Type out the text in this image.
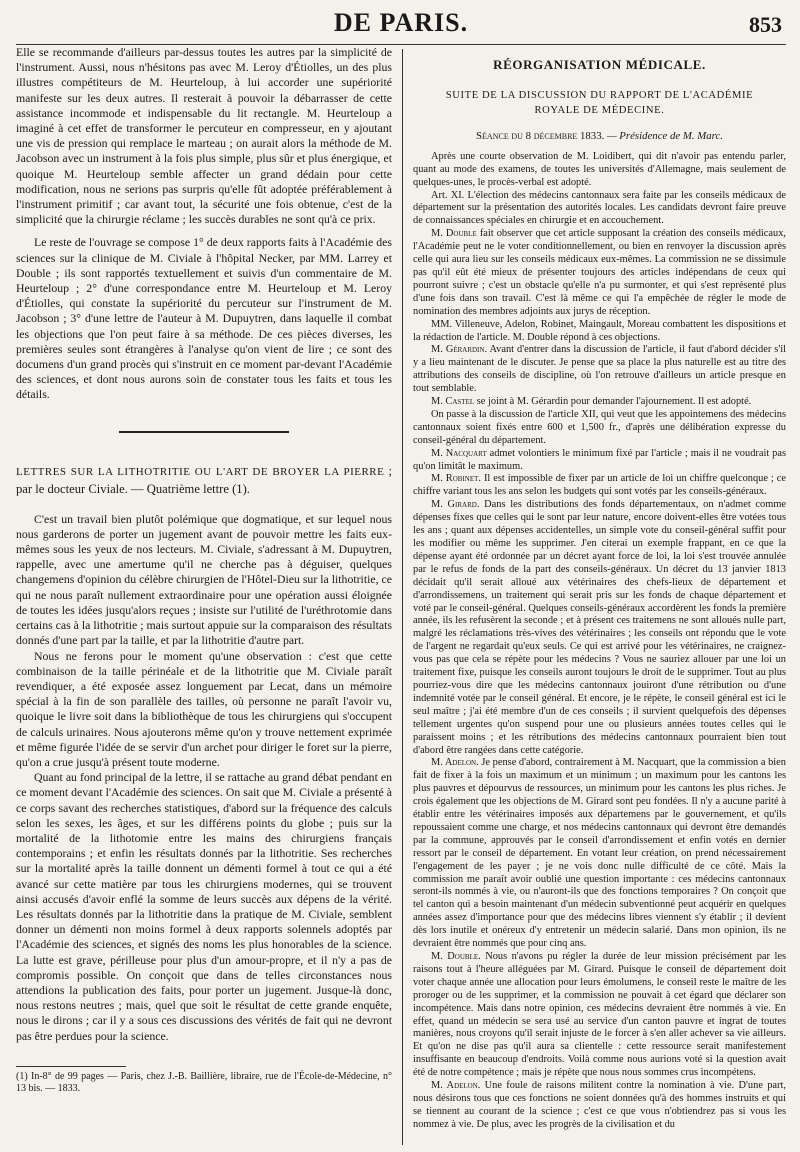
DE PARIS.	853

Elle se recommande d'ailleurs par-dessus toutes les autres par la simplicité de l'instrument. Aussi, nous n'hésitons pas avec M. Leroy d'Étiolles, un des plus illustres compétiteurs de M. Heurteloup, à lui accorder une supériorité manifeste sur les deux autres. Il resterait à pouvoir la débarrasser de cette assistance incommode et indispensable du lit rectangle. M. Heurteloup a imaginé à cet effet de transformer le percuteur en compresseur, en y ajoutant une vis de pression qui remplace le marteau ; on aurait alors la méthode de M. Jacobson avec un instrument à la fois plus simple, plus sûr et plus énergique, et quoique M. Heurteloup semble affecter un grand dédain pour cette modification, nous ne serions pas surpris qu'elle fût adoptée préférablement à l'instrument primitif ; car avant tout, la sécurité une fois obtenue, c'est de la simplicité que la chirurgie réclame ; les succès durables ne sont qu'à ce prix.

Le reste de l'ouvrage se compose 1° de deux rapports faits à l'Académie des sciences sur la clinique de M. Civiale à l'hôpital Necker, par MM. Larrey et Double ; ils sont rapportés textuellement et suivis d'un commentaire de M. Heurteloup ; 2° d'une correspondance entre M. Heurteloup et M. Leroy d'Étiolles, qui constate la supériorité du percuteur sur l'instrument de M. Jacobson ; 3° d'une lettre de l'auteur à M. Dupuytren, dans laquelle il combat les objections que l'on peut faire à sa méthode. De ces pièces diverses, les premières seules sont étrangères à l'analyse qu'on vient de lire ; ce sont des documens d'un grand procès qui s'instruit en ce moment par-devant l'Académie des sciences, et dont nous aurons soin de constater tous les faits et tous les détails.

LETTRES SUR LA LITHOTRITIE OU L'ART DE BROYER LA PIERRE ; par le docteur Civiale. — Quatrième lettre (1).

C'est un travail bien plutôt polémique que dogmatique, et sur lequel nous nous garderons de porter un jugement avant de pouvoir mettre les faits eux-mêmes sous les yeux de nos lecteurs. M. Civiale, s'adressant à M. Dupuytren, rappelle, avec une amertume qu'il ne cherche pas à déguiser, quelques changemens d'opinion du célèbre chirurgien de l'Hôtel-Dieu sur la lithotritie, ce qui ne nous paraît nullement extraordinaire pour une opération aussi éloignée de toutes les idées jusqu'alors reçues ; insiste sur l'utilité de l'uréthrotomie dans certains cas à la lithotritie ; mais surtout appuie sur la comparaison des résultats donnés d'une part par la taille, et par la lithotritie d'autre part.

Nous ne ferons pour le moment qu'une observation : c'est que cette combinaison de la taille périnéale et de la lithotritie que M. Civiale paraît revendiquer, a été exposée assez longuement par Lecat, dans un mémoire spécial à la fin de son parallèle des tailles, où personne ne paraît l'avoir vu, quoique le livre soit dans la bibliothèque de tous les chirurgiens qui s'occupent de calculs urinaires. Nous ajouterons même qu'on y trouve nettement exprimée et même figurée l'idée de se servir d'un archet pour diriger le foret sur la pierre, qu'on a crue jusqu'à présent toute moderne.

Quant au fond principal de la lettre, il se rattache au grand débat pendant en ce moment devant l'Académie des sciences. On sait que M. Civiale a présenté à ce corps savant des recherches statistiques, d'abord sur la fréquence des calculs selon les sexes, les âges, et sur les différens points du globe ; puis sur la mortalité de la lithotomie entre les mains des chirurgiens français contemporains ; et enfin les résultats donnés par la lithotritie. Ses recherches sur la mortalité après la taille donnent un démenti formel à tout ce qui a été avancé sur cette matière par tous les chirurgiens modernes, qui se trouvent ainsi accusés d'avoir enflé la somme de leurs succès aux dépens de la vérité. Les résultats donnés par la lithotritie dans la pratique de M. Civiale, semblent donner un démenti non moins formel à deux rapports solennels adoptés par l'Académie des sciences, et signés des noms les plus honorables de la science. La lutte est grave, périlleuse pour plus d'un amour-propre, et il n'y a pas de compromis possible. On conçoit que dans de telles circonstances nous attendions la publication des faits, pour porter un jugement. Jusque-là donc, nous restons neutres ; mais, quel que soit le résultat de cette grande enquête, nous le dirons ; car il y a sous ces discussions des vérités de fait qui ne devront pas être perdues pour la science.

(1) In-8° de 99 pages — Paris, chez J.-B. Baillière, libraire, rue de l'École-de-Médecine, n° 13 bis. — 1833.

RÉORGANISATION MÉDICALE.
SUITE DE LA DISCUSSION DU RAPPORT DE L'ACADÉMIE
ROYALE DE MÉDECINE.
Séance du 8 décembre 1833. — Présidence de M. Marc.

Après une courte observation de M. Loidibert, qui dit n'avoir pas entendu parler, quant au mode des examens, de toutes les universités d'Allemagne, mais seulement de quelques-unes, le procès-verbal est adopté.

Art. XI. L'élection des médecins cantonnaux sera faite par les conseils médicaux de département sur la présentation des autorités locales. Les candidats devront faire preuve de connaissances spéciales en chirurgie et en accouchement.

M. Double fait observer que cet article supposant la création des conseils médicaux, l'Académie peut ne le voter conditionnellement, ou bien en renvoyer la discussion après celle qui aura lieu sur les conseils médicaux eux-mêmes. La commission ne se dissimule pas qu'il eût été mieux de présenter toujours des articles indépendans de ceux qui pourront suivre ; c'est un obstacle qu'elle n'a pu surmonter, et qui s'est représenté plus d'une fois dans son travail. C'est là même ce qui l'a empêchée de régler le mode de nomination des membres adjoints aux jurys de réception.

MM. Villeneuve, Adelon, Robinet, Maingault, Moreau combattent les dispositions et la rédaction de l'article. M. Double répond à ces objections.

M. Gérardin. Avant d'entrer dans la discussion de l'article, il faut d'abord décider s'il y a lieu maintenant de le discuter. Je pense que sa place la plus naturelle est au titre des attributions des conseils de discipline, où l'on retrouve d'ailleurs un article presque en tout semblable.

M. Castel se joint à M. Gérardin pour demander l'ajournement. Il est adopté.

On passe à la discussion de l'article XII, qui veut que les appointemens des médecins cantonnaux soient fixés entre 600 et 1,500 fr., d'après une délibération expresse du conseil-général du département.

M. Nacquart admet volontiers le minimum fixé par l'article ; mais il ne voudrait pas qu'on limitât le maximum.

M. Robinet. Il est impossible de fixer par un article de loi un chiffre quelconque ; ce chiffre variant tous les ans selon les budgets qui sont votés par les conseils-généraux.

M. Girard. Dans les distributions des fonds départementaux, on n'admet comme dépenses fixes que celles qui le sont par leur nature, encore doivent-elles être votées tous les ans ; quant aux dépenses accidentelles, un simple vote du conseil-général suffit pour les modifier ou même les supprimer. J'en citerai un exemple frappant, en ce que la dépense ayant été ordonnée par un décret ayant force de loi, la loi s'est trouvée annulée par le refus de fonds de la part des conseils-généraux. Un décret du 13 janvier 1813 décidait qu'il serait alloué aux vétérinaires des chefs-lieux de département et d'arrondissemens, un traitement qui serait pris sur les fonds de chaque département et voté par le conseil-général. Quelques conseils-généraux accordèrent les fonds la première année, ils les refusèrent la seconde ; et à présent ces traitemens ne sont alloués nulle part, malgré les réclamations très-vives des vétérinaires ; les conseils ont répondu que le vote de l'argent ne regardait qu'eux seuls. Ce qui est arrivé pour les vétérinaires, ne craignez-vous pas que cela se répète pour les médecins ? Vous ne sauriez allouer par une loi un traitement fixe, puisque les conseils auront toujours le droit de le supprimer. Tout au plus pourriez-vous dire que les médecins cantonnaux jouiront d'une rétribution ou d'une indemnité votée par le conseil général. Et encore, je le répète, le conseil général est ici le seul maître ; j'ai été membre d'un de ces conseils ; il survient quelquefois des dépenses tellement urgentes qu'on suspend pour une ou plusieurs années toutes celles qui le paraissent moins ; et les rétributions des médecins cantonnaux pourraient bien tout d'abord être rangées dans cette catégorie.

M. Adelon. Je pense d'abord, contrairement à M. Nacquart, que la commission a bien fait de fixer à la fois un maximum et un minimum ; un maximum pour les cantons les plus pauvres et dépourvus de ressources, un minimum pour les cantons les plus riches. Je crois également que les objections de M. Girard sont peu fondées. Il n'y a aucune parité à établir entre les vétérinaires imposés aux départemens par le gouvernement, et qu'ils repoussaient comme une charge, et nos médecins cantonnaux qui devront être demandés par la commune, approuvés par le conseil d'arrondissement et enfin votés en dernier ressort par le conseil de département. En votant leur création, on prend nécessairement l'engagement de les payer ; je ne vois donc nulle difficulté de ce côté. Mais la commission me paraît avoir oublié une question importante : ces médecins cantonnaux seront-ils nommés à vie, ou n'auront-ils que des fonctions temporaires ? On conçoit que tel canton qui a besoin maintenant d'un médecin subventionné peut acquérir en quelques années assez d'importance pour que des médecins libres viennent s'y établir ; il devient dès lors inutile et onéreux d'y entretenir un médecin salarié. Dans mon opinion, ils ne devraient être nommés que pour cinq ans.

M. Double. Nous n'avons pu régler la durée de leur mission précisément par les raisons tout à l'heure alléguées par M. Girard. Puisque le conseil de département doit voter chaque année une allocation pour leurs émolumens, le conseil reste le maître de les proroger ou de les supprimer, et la commission ne pouvait à cet égard que déclarer son incompétence. Mais dans notre opinion, ces médecins devraient être nommés à vie. En effet, quand un médecin se sera usé au service d'un canton pauvre et ingrat de toutes manières, nous croyons qu'il serait injuste de le forcer à s'en aller achever sa vie ailleurs. Et qu'on ne dise pas qu'il aura sa clientelle : cette ressource serait manifestement insuffisante en beaucoup d'endroits. Voilà comme nous aurions voté si la question avait été de notre compétence ; mais je répète que nous nous sommes crus incompétens.

M. Adelon. Une foule de raisons militent contre la nomination à vie. D'une part, nous désirons tous que ces fonctions ne soient données qu'à des hommes instruits et qui se tiennent au courant de la science ; c'est ce que vous n'obtiendrez pas si vous les nommez à vie. De plus, avec les progrès de la civilisation et du
